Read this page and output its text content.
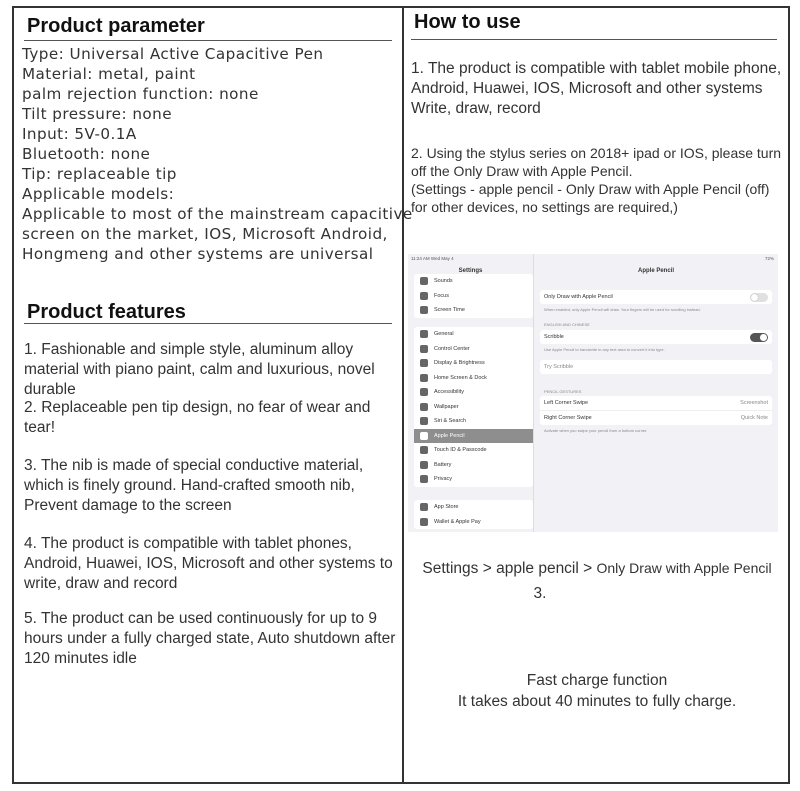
Product parameter
Type: Universal Active Capacitive Pen
Material: metal, paint
palm rejection function: none
Tilt pressure: none
Input: 5V-0.1A
Bluetooth: none
Tip: replaceable tip
Applicable models:
Applicable to most of the mainstream capacitive
screen on the market, IOS, Microsoft Android,
Hongmeng and other systems are universal
Product features
1. Fashionable and simple style, aluminum alloy material with piano paint, calm and luxurious, novel durable
2. Replaceable pen tip design, no fear of wear and tear!
3. The nib is made of special conductive material, which is finely ground. Hand-crafted smooth nib, Prevent damage to the screen
4. The product is compatible with tablet phones, Android, Huawei, IOS, Microsoft and other systems to write, draw and record
5. The product can be used continuously for up to 9 hours under a fully charged state, Auto shutdown after 120 minutes idle
How to use
1. The product is compatible with tablet mobile phone, Android, Huawei, IOS, Microsoft and other systems Write, draw, record
2. Using the stylus series on 2018+ ipad or IOS, please turn off the Only Draw with Apple Pencil.
(Settings - apple pencil - Only Draw with Apple Pencil (off) for other devices, no settings are required,)
11:24 AM Wed May 4
Settings
Sounds
Focus
Screen Time
General
Control Center
Display & Brightness
Home Screen & Dock
Accessibility
Wallpaper
Siri & Search
Apple Pencil
Touch ID & Passcode
Battery
Privacy
App Store
Wallet & Apple Pay
72%
Apple Pencil
Only Draw with Apple Pencil
When enabled, only Apple Pencil will draw. Your fingers will be used for scrolling instead.
ENGLISH AND CHINESE
Scribble
Use Apple Pencil to handwrite in any text area to convert it into type.
Try Scribble
PENCIL GESTURES
Left Corner Swipe	Screenshot
Right Corner Swipe	Quick Note
Activate when you swipe your pencil from a bottom corner.
Settings > apple pencil > Only Draw with Apple Pencil
3.
Fast charge function
It takes about 40 minutes to fully charge.
